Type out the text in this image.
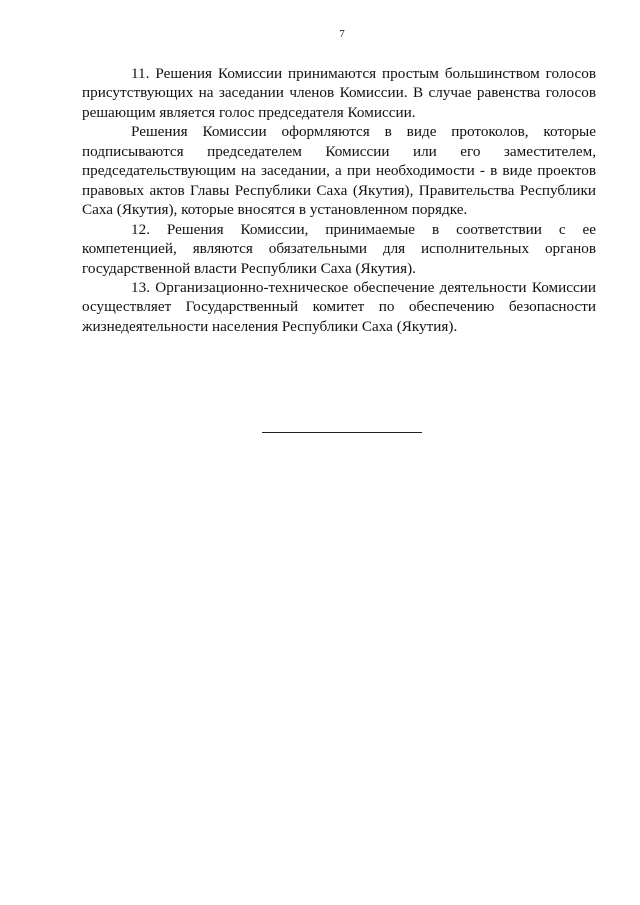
7

11. Решения Комиссии принимаются простым большинством голосов
присутствующих на заседании членов Комиссии. В случае равенства голосов
решающим является голос председателя Комиссии.

Решения Комиссии оформляются в виде протоколов, которые
подписываются председателем Комиссии или его заместителем,
председательствующим на заседании, а при необходимости - в виде проектов
правовых актов Главы Республики Саха (Якутия), Правительства Республики
Саха (Якутия), которые вносятся в установленном порядке.

12. Решения Комиссии, принимаемые в соответствии с ее
компетенцией, являются обязательными для исполнительных органов
государственной власти Республики Саха (Якутия).

13. Организационно-техническое обеспечение деятельности Комиссии
осуществляет Государственный комитет по обеспечению безопасности
жизнедеятельности населения Республики Саха (Якутия).
